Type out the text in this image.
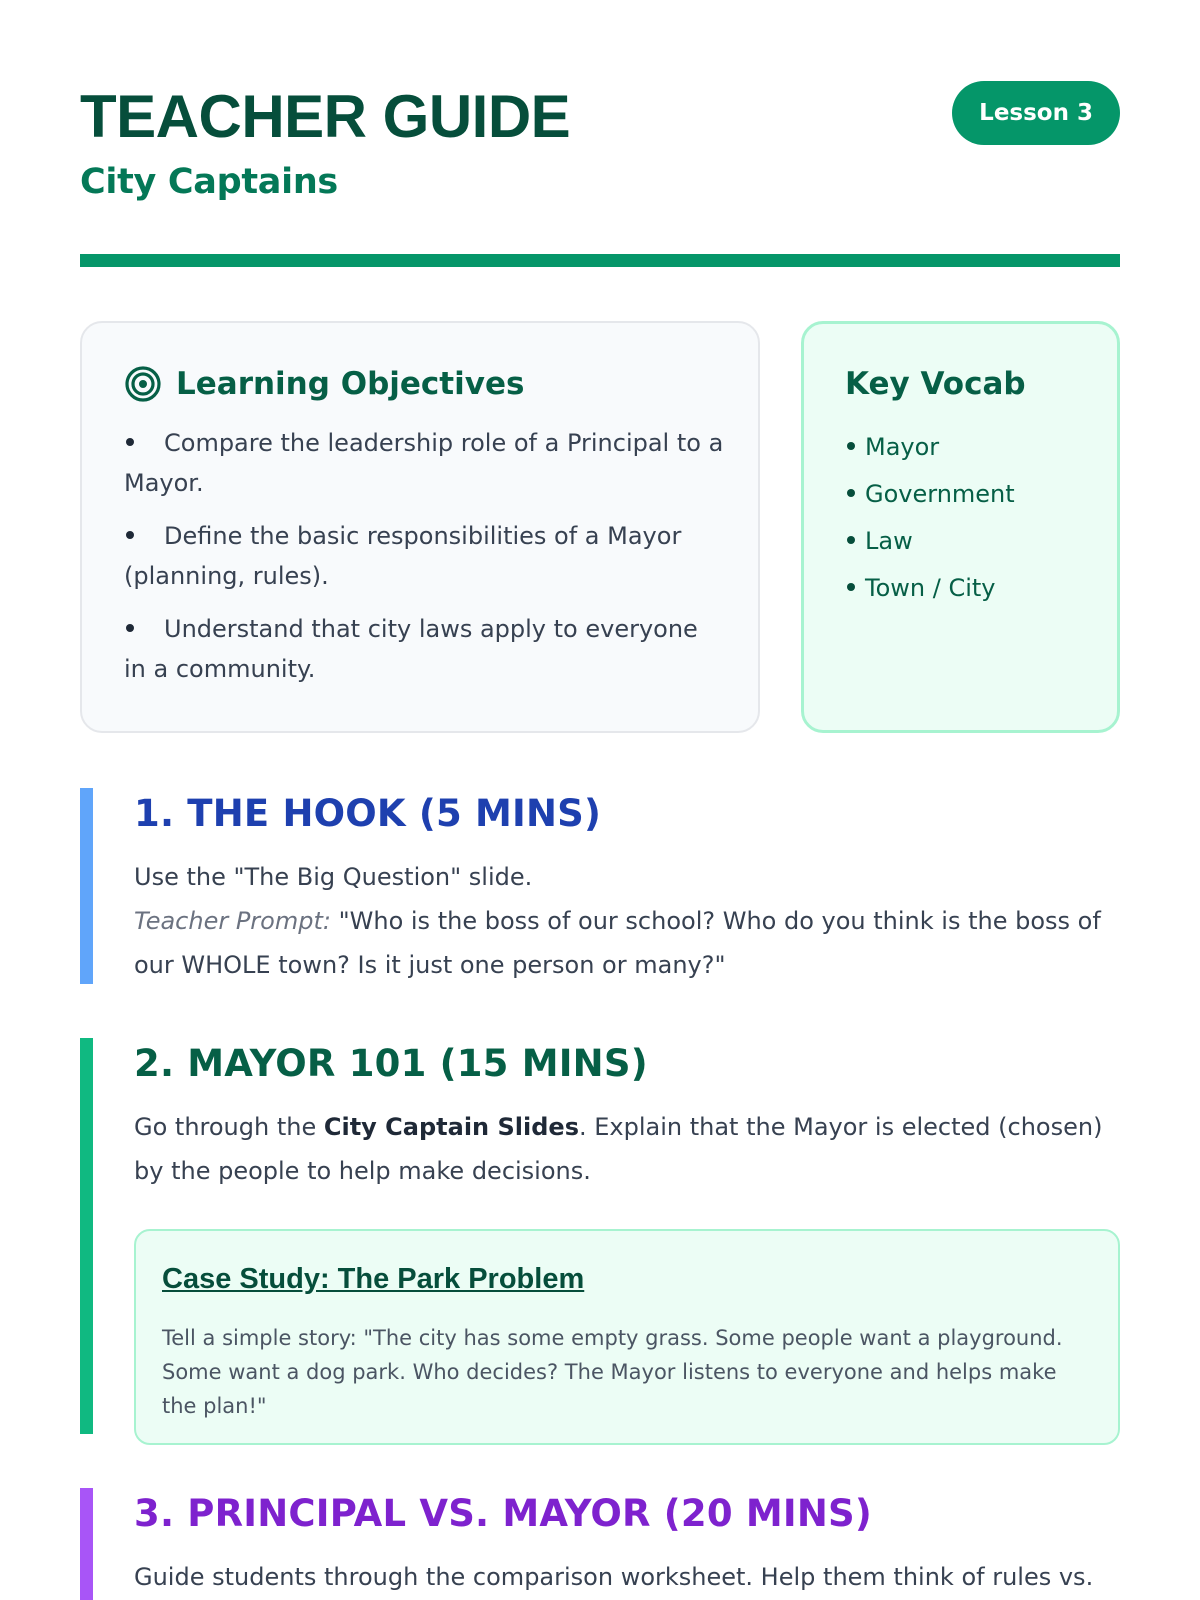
TEACHER GUIDE
City Captains
Lesson 3
Learning Objectives
Compare the leadership role of a Principal to a Mayor.
Define the basic responsibilities of a Mayor (planning, rules).
Understand that city laws apply to everyone in a community.
Key Vocab
Mayor
Government
Law
Town / City
1. THE HOOK (5 MINS)
Use the "The Big Question" slide.
Teacher Prompt: "Who is the boss of our school? Who do you think is the boss of our WHOLE town? Is it just one person or many?"
2. MAYOR 101 (15 MINS)
Go through the City Captain Slides. Explain that the Mayor is elected (chosen) by the people to help make decisions.
Case Study: The Park Problem
Tell a simple story: "The city has some empty grass. Some people want a playground. Some want a dog park. Who decides? The Mayor listens to everyone and helps make the plan!"
3. PRINCIPAL VS. MAYOR (20 MINS)
Guide students through the comparison worksheet. Help them think of rules vs.
